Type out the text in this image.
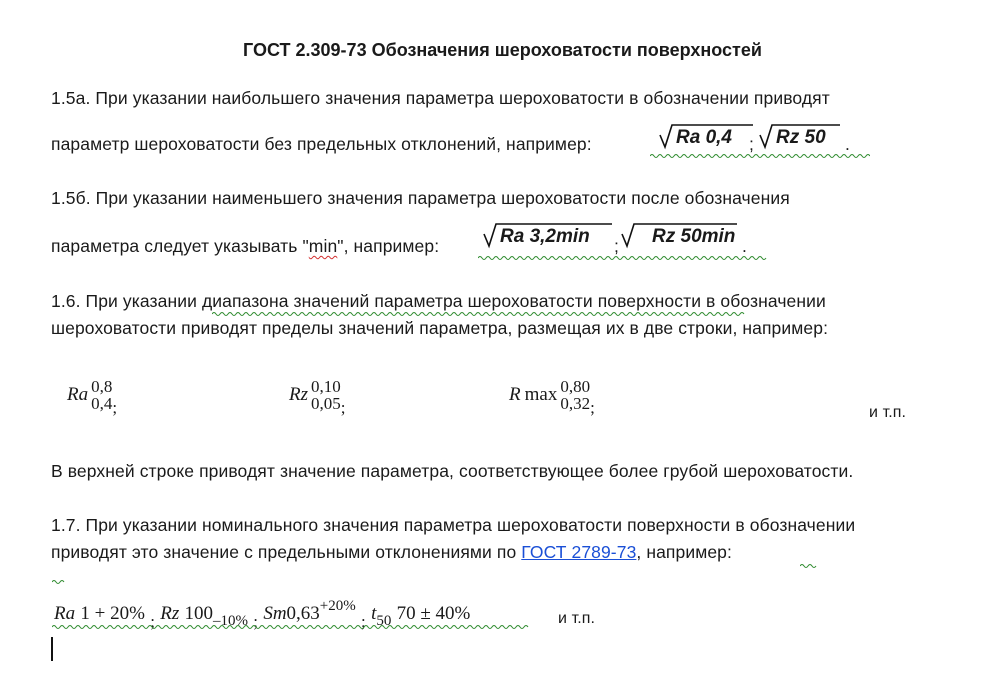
ГОСТ 2.309-73 Обозначения шероховатости поверхностей
1.5а. При указании наибольшего значения параметра шероховатости в обозначении приводят
параметр шероховатости без предельных отклонений, например:	Ra 0,4 ; Rz 50 .
1.5б. При указании наименьшего значения параметра шероховатости после обозначения
параметра следует указывать "min", например:	Ra 3,2min ; Rz 50min .
1.6. При указании диапазона значений параметра шероховатости поверхности в обозначении
шероховатости приводят пределы значений параметра, размещая их в две строки, например:
Ra 0,8
0,4 ;
Rz 0,10
0,05 ;
R max 0,80
0,32 ;	и т.п.
В верхней строке приводят значение параметра, соответствующее более грубой шероховатости.
1.7. При указании номинального значения параметра шероховатости поверхности в обозначении
приводят это значение с предельными отклонениями по ГОСТ 2789-73, например:
Ra 1 + 20% ; Rz $100_{-10\%}$ ; $Sm0,63^{+20\%}$ ; $t_{50}$ 70 ± 40%	и т.п.
